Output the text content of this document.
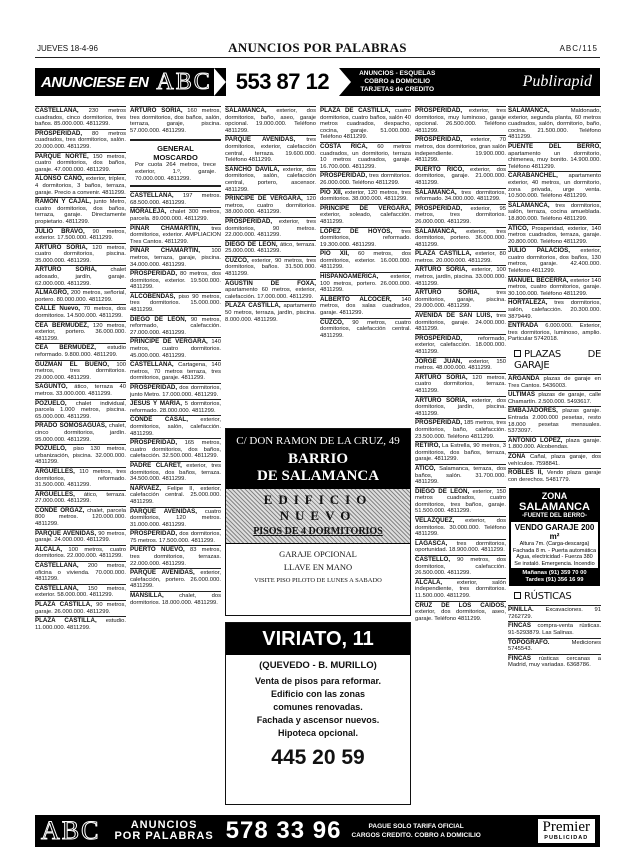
JUEVES 18-4-96	ANUNCIOS POR PALABRAS	ABC/115
ANUNCIESE EN ABC	553 87 12	ANUNCIOS - ESQUELAS
COBRO a DOMICILIO
TARJETAS de CREDITO	Publirapid
CASTELLANA, 230 metros cuadrados, cinco dormitorios, tres baños. 85.000.000. 4811299.
PROSPERIDAD, 80 metros cuadrados, tres dormitorios, salón. 20.000.000. 4811299.
PARQUE NORTE, 150 metros, cuatro dormitorios, dos baños, garaje. 47.000.000. 4811299.
ALONSO CANO, exterior, tríplex, 4 dormitorios, 3 baños, terraza, garaje. Precio a convenir. 4811299.
RAMON Y CAJAL, junto Metro, cuatro dormitorios, dos baños, terraza, garaje. Directamente propietario. 4811299.
JULIO BRAVO, 90 metros, exterior. 17.500.000. 4811299.
ARTURO SORIA, 120 metros, cuatro dormitorios, piscina. 35.000.000. 4811299.
ARTURO SORIA, chalet adosado, jardín, garaje. 62.000.000. 4811299.
ALMAGRO, 200 metros, señorial, portero. 80.000.000. 4811299.
CALLE Nuevo, 70 metros, dos dormitorios. 14.500.000. 4811299.
CEA BERMUDEZ, 120 metros, exterior, portero. 36.000.000. 4811299.
CEA BERMUDEZ, estudio reformado. 9.800.000. 4811299.
GUZMAN EL BUENO, 100 metros, tres dormitorios. 29.000.000. 4811299.
SAGUNTO, ático, terraza 40 metros. 33.000.000. 4811299.
POZUELO, chalet individual, parcela 1.000 metros, piscina. 65.000.000. 4811299.
PRADO SOMOSAGUAS, chalet, cinco dormitorios, jardín. 95.000.000. 4811299.
POZUELO, piso 130 metros, urbanización, piscina. 32.000.000. 4811299.
ARGUELLES, 110 metros, tres dormitorios, reformado. 31.500.000. 4811299.
ARGUELLES, ático, terraza. 27.000.000. 4811299.
CONDE ORGAZ, chalet, parcela 800 metros. 120.000.000. 4811299.
PARQUE AVENIDAS, 90 metros, garaje. 24.000.000. 4811299.
ALCALA, 100 metros, cuatro dormitorios. 22.000.000. 4811299.
CASTELLANA, 200 metros, oficina o vivienda. 70.000.000. 4811299.
CASTELLANA, 150 metros, exterior. 58.000.000. 4811299.
PLAZA CASTILLA, 90 metros, garaje. 26.000.000. 4811299.
PLAZA CASTILLA, estudio. 11.000.000. 4811299.
ARTURO SORIA, 160 metros, tres dormitorios, dos baños, salón, terraza, garaje, piscina. 57.000.000. 4811299.
GENERAL MOSCARDO
Por cuota 264 metros, trece exterior, 1.º, garaje. 70.000.000. 4811299.
CASTELLANA, 197 metros. 68.500.000. 4811299.
MORALEJA, chalet 300 metros, parcela. 89.000.000. 4811299.
PINAR CHAMARTIN, tres dormitorios, exterior. AMPLIACION Tres Cantos. 4811299.
PINAR CHAMARTIN, 100 metros, terraza, garaje, piscina. 34.000.000. 4811299.
PROSPERIDAD, 80 metros, dos dormitorios, exterior. 19.500.000. 4811299.
ALCOBENDAS, piso 90 metros, tres dormitorios. 15.000.000. 4811299.
DIEGO DE LEON, 90 metros, reformado, calefacción. 27.000.000. 4811299.
PRINCIPE DE VERGARA, 140 metros, cuatro dormitorios. 45.000.000. 4811299.
CASTELLANA, Cartagena, 140 metros, 70 metros terraza, tres dormitorios, garaje. 4811299.
PROSPERIDAD, dos dormitorios, junto Metro. 17.000.000. 4811299.
JESUS Y MARIA, 5 dormitorios, reformado. 28.000.000. 4811299.
CONDE CASAL, exterior, dormitorios, salón, calefacción. 4811299.
PROSPERIDAD, 165 metros, cuatro dormitorios, dos baños, calefacción. 32.500.000. 4811299.
PADRE CLARET, exterior, tres dormitorios, dos baños, terraza. 34.500.000. 4811299.
NARVAEZ, Felipe II, exterior, calefacción central. 25.000.000. 4811299.
PARQUE AVENIDAS, cuatro dormitorios, 120 metros. 31.000.000. 4811299.
PROSPERIDAD, dos dormitorios, 75 metros. 17.500.000. 4811299.
PUERTO NUEVO, 83 metros, tres dormitorios, terrazas. 22.000.000. 4811299.
PARQUE AVENIDAS, exterior, calefacción, portero. 26.000.000. 4811299.
MANSILLA,	chalet, dos dormitorios. 18.000.000. 4811299.
SALAMANCA, exterior, dos dormitorios, baño, aseo, garaje opcional. 19.000.000. Teléfono 4811299.
PARQUE AVENIDAS, tres dormitorios, exterior, calefacción central, terraza. 19.600.000. Teléfono 4811299.
SANCHO DAVILA, exterior, dos dormitorios, salón, calefacción central, portero, ascensor. 4811299.
PRINCIPE DE VERGARA, 120 metros, cuatro dormitorios. 38.000.000. 4811299.
PROSPERIDAD, exterior, tres dormitorios, 90 metros. 22.000.000. 4811299.
DIEGO DE LEON, ático, terraza. 25.000.000. 4811299.
CUZCO, exterior, 90 metros, tres dormitorios, baños. 31.500.000. 4811299.
AGUSTIN DE FOXA, apartamento 60 metros, exterior, calefacción. 17.000.000. 4811299.
PLAZA CASTILLA, apartamento 50 metros, terraza, jardín, piscina. 8.000.000. 4811299.
PLAZA DE CASTILLA, cuatro dormitorios, cuatro baños, salón 40 metros cuadrados, despacho, cocina, garaje. 51.000.000. Teléfono 4811299.
COSTA RICA, 60 metros cuadrados, un dormitorio, terraza 10 metros cuadrados, garaje. 16.700.000. 4811299.
PROSPERIDAD, tres dormitorios. 26.000.000. Teléfono 4811299.
PIO XII, exterior, 120 metros, tres dormitorios. 38.000.000. 4811299.
PRINCIPE DE VERGARA, exterior, soleado, calefacción. 4811299.
LOPEZ DE HOYOS, tres dormitorios, reformado. 19.300.000. 4811299.
PIO XII, 60 metros, dos dormitorios, exterior. 16.000.000. 4811299.
HISPANOAMERICA, exterior, 100 metros, portero. 26.000.000. 4811299.
ALBERTO ALCOCER, 140 metros, dos salas cuadrados, garaje. 4811299.
CUZCO, 90 metros, cuatro dormitorios, calefacción central. 4811299.
PROSPERIDAD, exterior, tres dormitorios, muy luminoso, garaje opcional. 26.500.000. Teléfono 4811299.
PROSPERIDAD, exterior, 70 metros, dos dormitorios, gran salón independiente. 19.900.000. 4811299.
PUERTO RICO, exterior, dos dormitorios, garaje. 21.000.000. 4811299.
SALAMANCA, tres dormitorios, reformado. 34.000.000. 4811299.
PROSPERIDAD, exterior, 95 metros, tres dormitorios. 26.000.000. 4811299.
SALAMANCA, exterior, tres dormitorios, portero. 36.000.000. 4811299.
PLAZA CASTILLA, exterior, 80 metros. 20.000.000. 4811299.
ARTURO SORIA, exterior, 100 metros, jardín, piscina. 33.000.000. 4811299.
ARTURO SORIA,	tres dormitorios, garaje, piscina. 29.000.000. 4811299.
AVENIDA DE SAN LUIS, tres dormitorios, garaje. 24.000.000. 4811299.
PROSPERIDAD,	reformado, exterior, calefacción. 18.000.000. 4811299.
JORGE JUAN, exterior, 150 metros. 48.000.000. 4811299.
ARTURO SORIA, 120 metros, cuatro dormitorios, terraza. 4811299.
ARTURO SORIA, exterior, dos dormitorios, jardín, piscina. 4811299.
PROSPERIDAD, 185 metros, tres dormitorios, baño, calefacción. 23.500.000. Teléfono 4811299.
RETIRO, La Estrella, 90 metros, 3 dormitorios, dos baños, terraza, garaje. 4811299.
ATICO, Salamanca, terraza, dos baños, salón. 31.700.000. 4811299.
DIEGO DE LEON, exterior, 150 metros cuadrados, cuatro dormitorios, tres baños, garaje. 51.500.000. 4811299.
VELAZQUEZ, exterior, dos dormitorios. 30.000.000. Teléfono 4811299.
LAGASCA, tres dormitorios, oportunidad. 18.900.000. 4811299.
CASTELLO, 90 metros, dos dormitorios, calefacción. 26.500.000. 4811299.
ALCALA,	exterior, salón independiente, tres dormitorios. 11.500.000. 4811299.
CRUZ DE LOS CAIDOS, exterior, dos dormitorios, aseo, garaje. Teléfono 4811299.
SALAMANCA,	Maldonado, exterior, segunda planta, 60 metros cuadrados, salón, dormitorio, baño, cocina. 21.500.000. Teléfono 4811299.
PUENTE DEL BERRO, apartamento un dormitorio, chimenea, muy bonito. 14.900.000. Teléfono 4811299.
CARABANCHEL, apartamento exterior, 40 metros, un dormitorio, zona privada, urge venta. 10.500.000. Teléfono 4811299.
SALAMANCA, tres dormitorios, salón, terraza, cocina amueblada. 18.800.000. Teléfono 4811299.
ATICO, Prosperidad, exterior, 140 metros cuadrados, terraza, garaje. 20.800.000. Teléfono 4811299.
JULIO PALACIOS, exterior, cuatro dormitorios, dos baños, 130 metros, garaje. 42.400.000. Teléfono 4811299.
MANUEL BECERRA, exterior 140 metros, cuatro dormitorios, garaje. 30.100.000. Teléfono 4811299.
HORTALEZA, tres dormitorios, salón, calefacción. 20.300.000. 3879449.
ENTRADA 6.000.000. Exterior, tres dormitorios, luminoso, amplio. Particular 5742018.
PLAZAS DE GARAJE
ARGANDA plazas de garaje en Tres Cantos. 5436003.
ULTIMAS plazas de garaje, calle Chamartín. 2.500.000. 5493617.
EMBAJADORES, plazas garaje. Entrada 2.000.000 pesetas, resto 18.000 pesetas mensuales. 5373097.
ANTONIO LOPEZ, plaza garaje. 1.800.000. Alcobendas.
ZONA Cañal, plaza garaje, dos vehículos. 7598841.
ROBLES II, Vendo plaza garaje con derechos. 5481779.
ZONA
SALAMANCA
-FUENTE DEL BERRO-
VENDO GARAJE 200 m²
Altura 7m. (Carga-descarga)
Fachada 8 m. - Puerta automática
Agua, electricidad - Fuerza 380
Se instaló. Emergencia. Incendio
Mañanas (91) 359 70 00
Tardes (91) 356 16 99
RÚSTICAS
PINILLA. Excavaciones. 91 7262729.
FINCAS compra-venta rústicas. 91-5293879. Las Salinas.
TOPOGRAFO.	Mediciones 5745543.
FINCAS rústicas cercanas a Madrid, muy variadas. 6368786.
C/ DON RAMON DE LA CRUZ, 49
BARRIO
DE SALAMANCA
EDIFICIO
NUEVO
PISOS DE 4 DORMITORIOS
GARAJE OPCIONAL
LLAVE EN MANO
VISITE PISO PILOTO DE LUNES A SABADO
VIRIATO, 11
(QUEVEDO - B. MURILLO)
Venta de pisos para reformar.
Edificio con las zonas
comunes renovadas.
Fachada y ascensor nuevos.
Hipoteca opcional.
445 20 59
ABC	ANUNCIOS
POR PALABRAS 578 33 96	PAGUE SOLO TARIFA OFICIAL
CARGOS CREDITO. COBRO A DOMICILIO
Premier
PUBLICIDAD
